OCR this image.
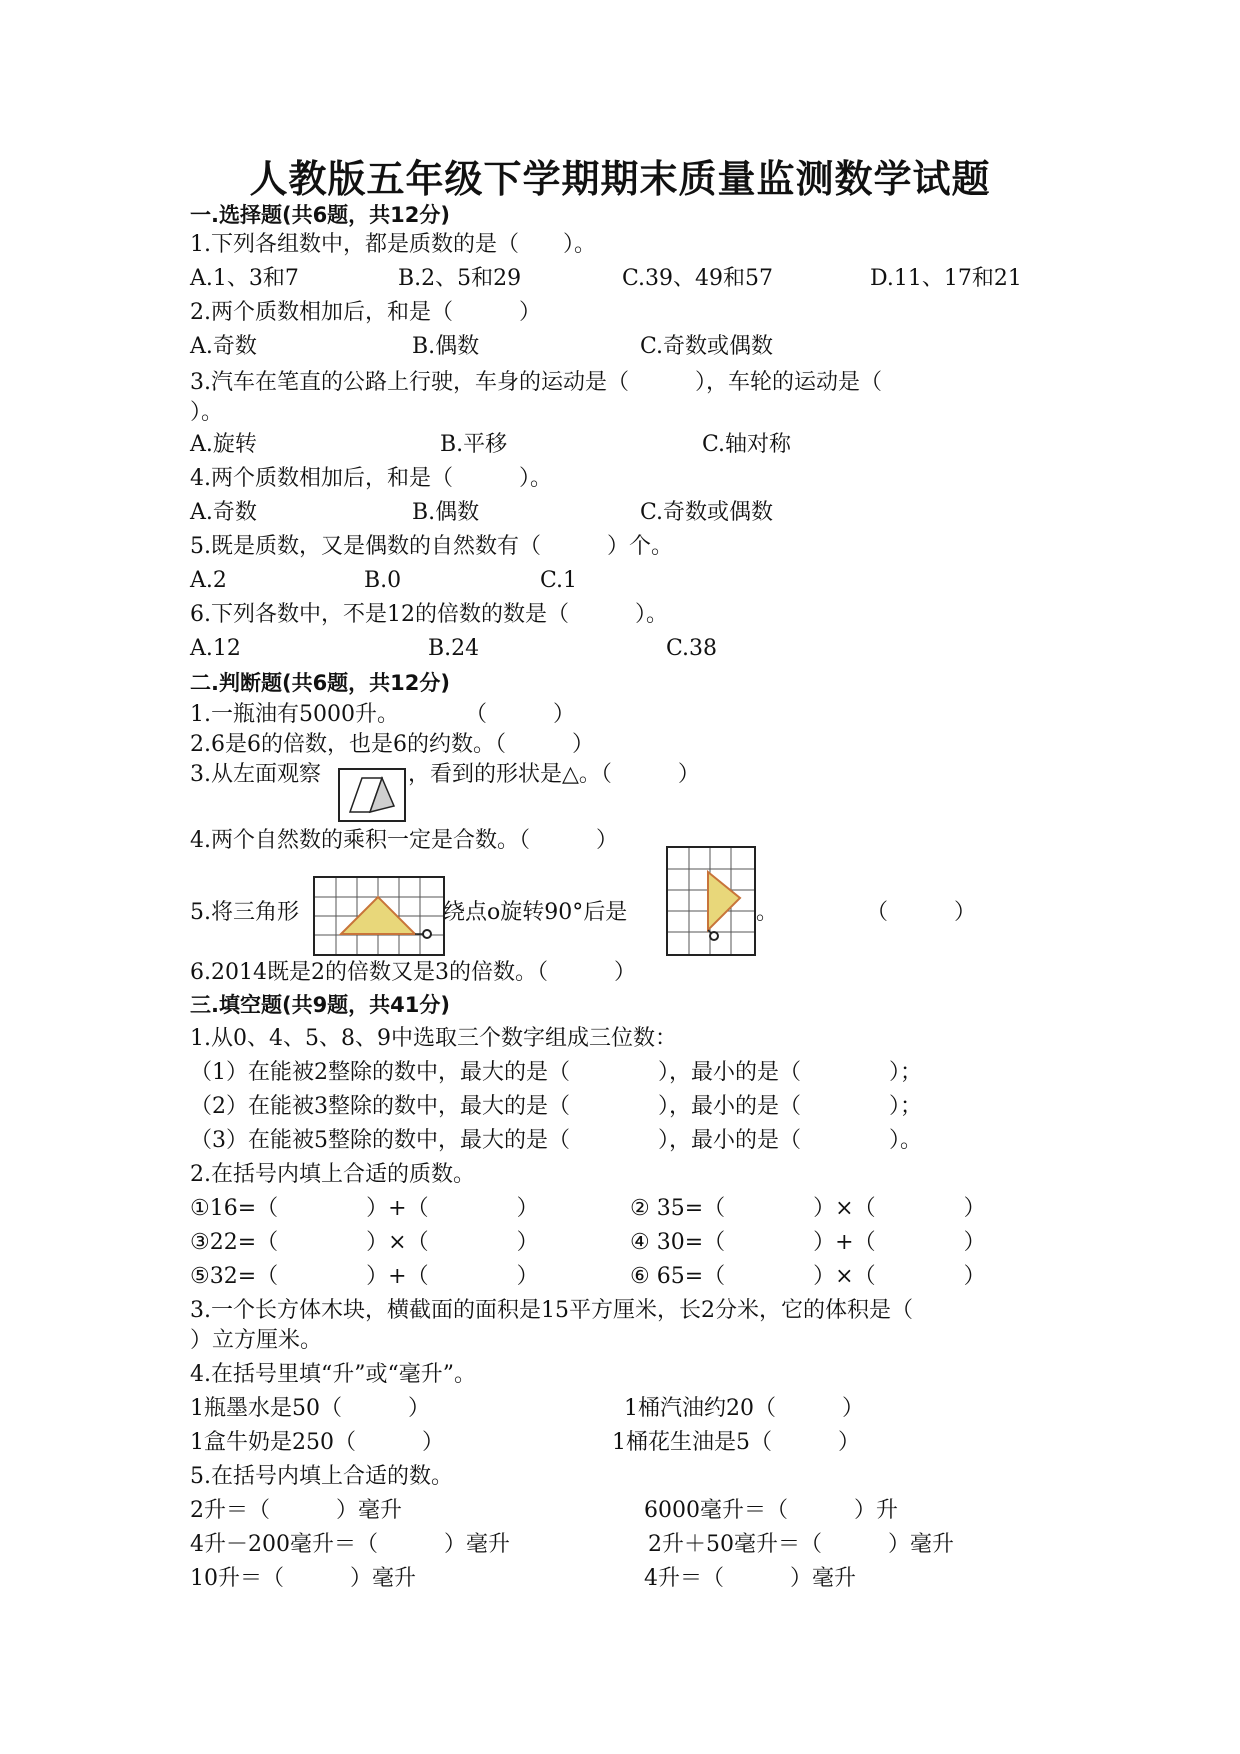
人教版五年级下学期期末质量监测数学试题
一.选择题(共6题，共12分)
1.下列各组数中，都是质数的是（　　）。
A.1、3和7	B.2、5和29	C.39、49和57	D.11、17和21
2.两个质数相加后，和是（　　　）
A.奇数	B.偶数	C.奇数或偶数
3.汽车在笔直的公路上行驶，车身的运动是（　　　），车轮的运动是（
）。
A.旋转	B.平移	C.轴对称
4.两个质数相加后，和是（　　　）。
A.奇数	B.偶数	C.奇数或偶数
5.既是质数，又是偶数的自然数有（　　　）个。
A.2	B.0	C.1
6.下列各数中，不是12的倍数的数是（　　　）。
A.12	B.24	C.38
二.判断题(共6题，共12分)
1.一瓶油有5000升。　　　　（　　　）
2.6是6的倍数，也是6的约数。（　　　）
3.从左面观察	，看到的形状是△。（　　　）
4.两个自然数的乘积一定是合数。（　　　）
5.将三角形	绕点o旋转90°后是	。　　　　　（　　　）
6.2014既是2的倍数又是3的倍数。（　　　）
三.填空题(共9题，共41分)
1.从0、4、5、8、9中选取三个数字组成三位数：
（1）在能被2整除的数中，最大的是（　　　　），最小的是（　　　　）；
（2）在能被3整除的数中，最大的是（　　　　），最小的是（　　　　）；
（3）在能被5整除的数中，最大的是（　　　　），最小的是（　　　　）。
2.在括号内填上合适的质数。
①16=（　　　　）+（　　　　）	② 35=（　　　　）×（　　　　）
③22=（　　　　）×（　　　　）	④ 30=（　　　　）+（　　　　）
⑤32=（　　　　）+（　　　　）	⑥ 65=（　　　　）×（　　　　）
3.一个长方体木块，横截面的面积是15平方厘米，长2分米，它的体积是（
）立方厘米。
4.在括号里填“升”或“毫升”。
1瓶墨水是50（　　　）	1桶汽油约20（　　　）
1盒牛奶是250（　　　）	1桶花生油是5（　　　）
5.在括号内填上合适的数。
2升＝（　　　）毫升	6000毫升＝（　　　）升
4升－200毫升＝（　　　）毫升	2升＋50毫升＝（　　　）毫升
10升＝（　　　）毫升	4升＝（　　　）毫升
